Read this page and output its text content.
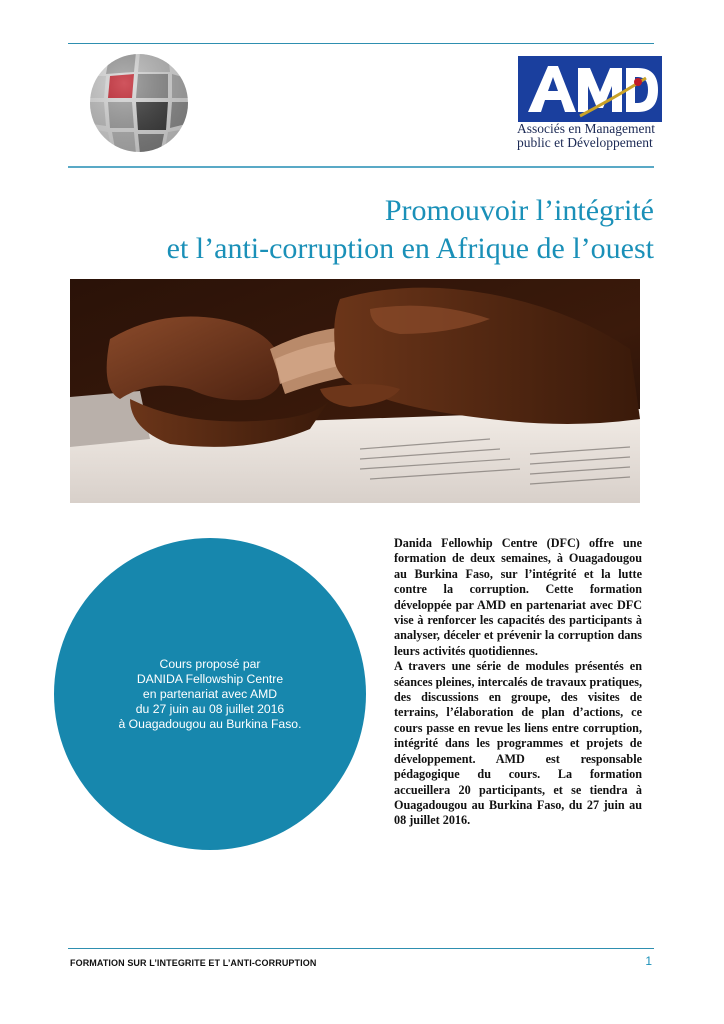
Associés en Management
public et Développement
Promouvoir l’intégrité
et l’anti-corruption en Afrique de l’ouest
Cours proposé par
DANIDA Fellowship Centre
en partenariat avec AMD
du 27 juin au 08 juillet 2016
à Ouagadougou au Burkina Faso.

Danida Fellowhip Centre (DFC) offre une formation de deux semaines, à Ouagadougou au Burkina Faso, sur l’intégrité et la lutte contre la corruption. Cette formation développée par AMD en partenariat avec DFC vise à renforcer les capacités des participants à analyser, déceler et prévenir la corruption dans leurs activités quotidiennes.

A travers une série de modules présentés en séances pleines, intercalés de travaux pratiques, des discussions en groupe, des visites de terrains, l’élaboration de plan d’actions, ce cours passe en revue les liens entre corruption, intégrité dans les programmes et projets de développement. AMD est responsable pédagogique du cours. La formation accueillera 20 participants, et se tiendra à Ouagadougou au Burkina Faso, du 27 juin au 08 juillet 2016.

FORMATION SUR L’INTEGRITE ET L’ANTI-CORRUPTION	1
